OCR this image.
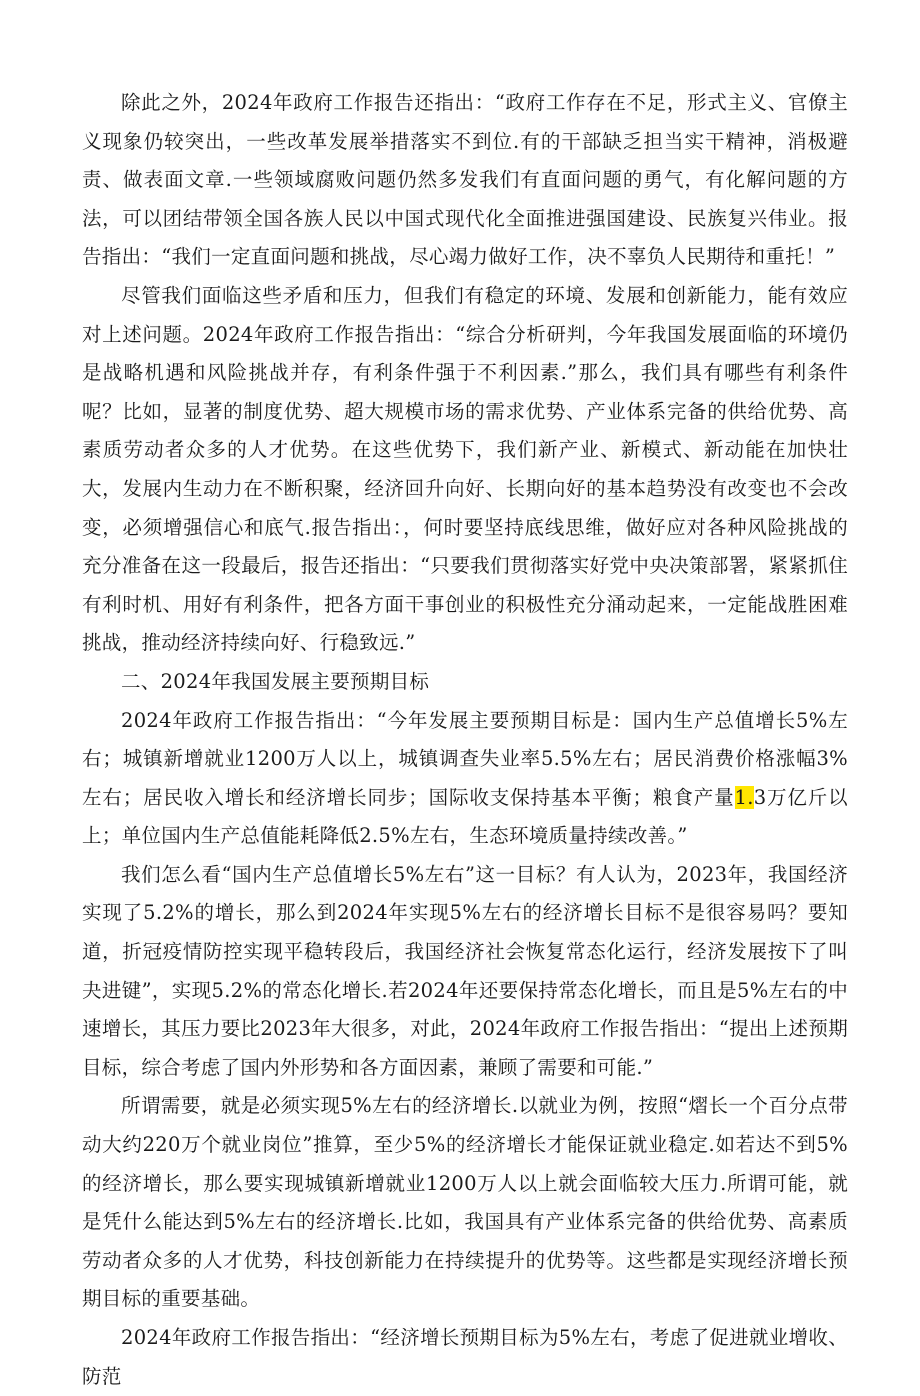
除此之外，2024年政府工作报告还指出：“政府工作存在不足，形式主义、官僚主义现象仍较突出，一些改革发展举措落实不到位.有的干部缺乏担当实干精神，消极避责、做表面文章.一些领域腐败问题仍然多发我们有直面问题的勇气，有化解问题的方法，可以团结带领全国各族人民以中国式现代化全面推进强国建设、民族复兴伟业。报告指出：“我们一定直面问题和挑战，尽心竭力做好工作，决不辜负人民期待和重托！”

尽管我们面临这些矛盾和压力，但我们有稳定的环境、发展和创新能力，能有效应对上述问题。2024年政府工作报告指出：“综合分析研判，今年我国发展面临的环境仍是战略机遇和风险挑战并存，有利条件强于不利因素.”那么，我们具有哪些有利条件呢？比如，显著的制度优势、超大规模市场的需求优势、产业体系完备的供给优势、高素质劳动者众多的人才优势。在这些优势下，我们新产业、新模式、新动能在加快壮大，发展内生动力在不断积聚，经济回升向好、长期向好的基本趋势没有改变也不会改变，必须增强信心和底气.报告指出：，何时要坚持底线思维，做好应对各种风险挑战的充分准备在这一段最后，报告还指出：“只要我们贯彻落实好党中央决策部署，紧紧抓住有利时机、用好有利条件，把各方面干事创业的积极性充分涌动起来，一定能战胜困难挑战，推动经济持续向好、行稳致远.”

二、2024年我国发展主要预期目标

2024年政府工作报告指出：“今年发展主要预期目标是：国内生产总值增长5%左右；城镇新增就业1200万人以上，城镇调查失业率5.5%左右；居民消费价格涨幅3%左右；居民收入增长和经济增长同步；国际收支保持基本平衡；粮食产量1.3万亿斤以上；单位国内生产总值能耗降低2.5%左右，生态环境质量持续改善。”

我们怎么看“国内生产总值增长5%左右”这一目标？有人认为，2023年，我国经济实现了5.2%的增长，那么到2024年实现5%左右的经济增长目标不是很容易吗？要知道，折冠疫情防控实现平稳转段后，我国经济社会恢复常态化运行，经济发展按下了叫夬进键”，实现5.2%的常态化增长.若2024年还要保持常态化增长，而且是5%左右的中速增长，其压力要比2023年大很多，对此，2024年政府工作报告指出：“提出上述预期目标，综合考虑了国内外形势和各方面因素，兼顾了需要和可能.”

所谓需要，就是必须实现5%左右的经济增长.以就业为例，按照“熠长一个百分点带动大约220万个就业岗位”推算，至少5%的经济增长才能保证就业稳定.如若达不到5%的经济增长，那么要实现城镇新增就业1200万人以上就会面临较大压力.所谓可能，就是凭什么能达到5%左右的经济增长.比如，我国具有产业体系完备的供给优势、高素质劳动者众多的人才优势，科技创新能力在持续提升的优势等。这些都是实现经济增长预期目标的重要基础。

2024年政府工作报告指出：“经济增长预期目标为5%左右，考虑了促进就业增收、防范
